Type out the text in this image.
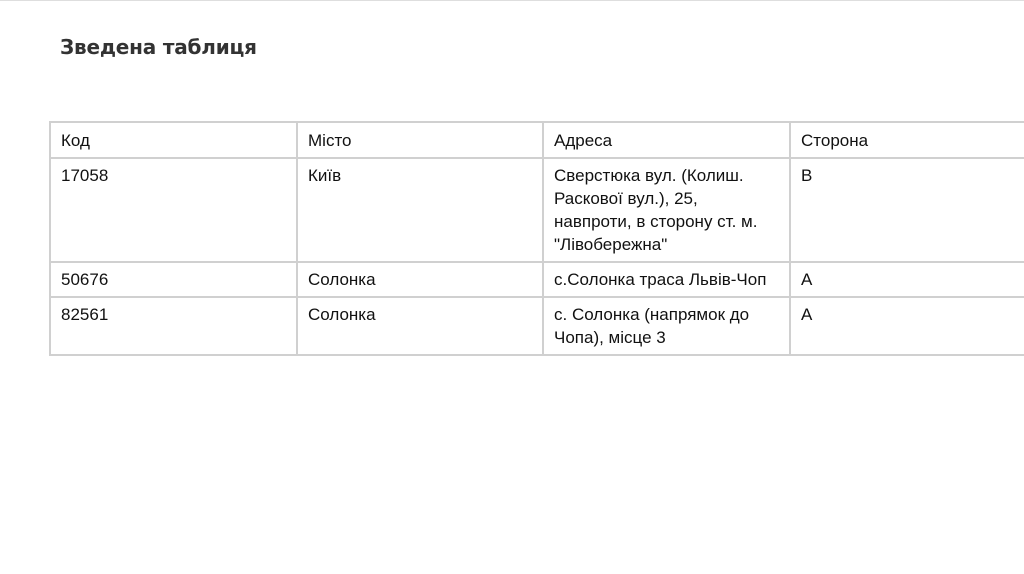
Зведена таблиця
Код	Місто	Адреса	Сторона
17058	Київ	Сверстюка вул. (Колиш. Раскової вул.), 25, навпроти, в сторону ст. м. "Лівобережна"	B
50676	Солонка	с.Солонка траса Львів-Чоп	A
82561	Солонка	с. Солонка (напрямок до Чопа), місце 3	A
